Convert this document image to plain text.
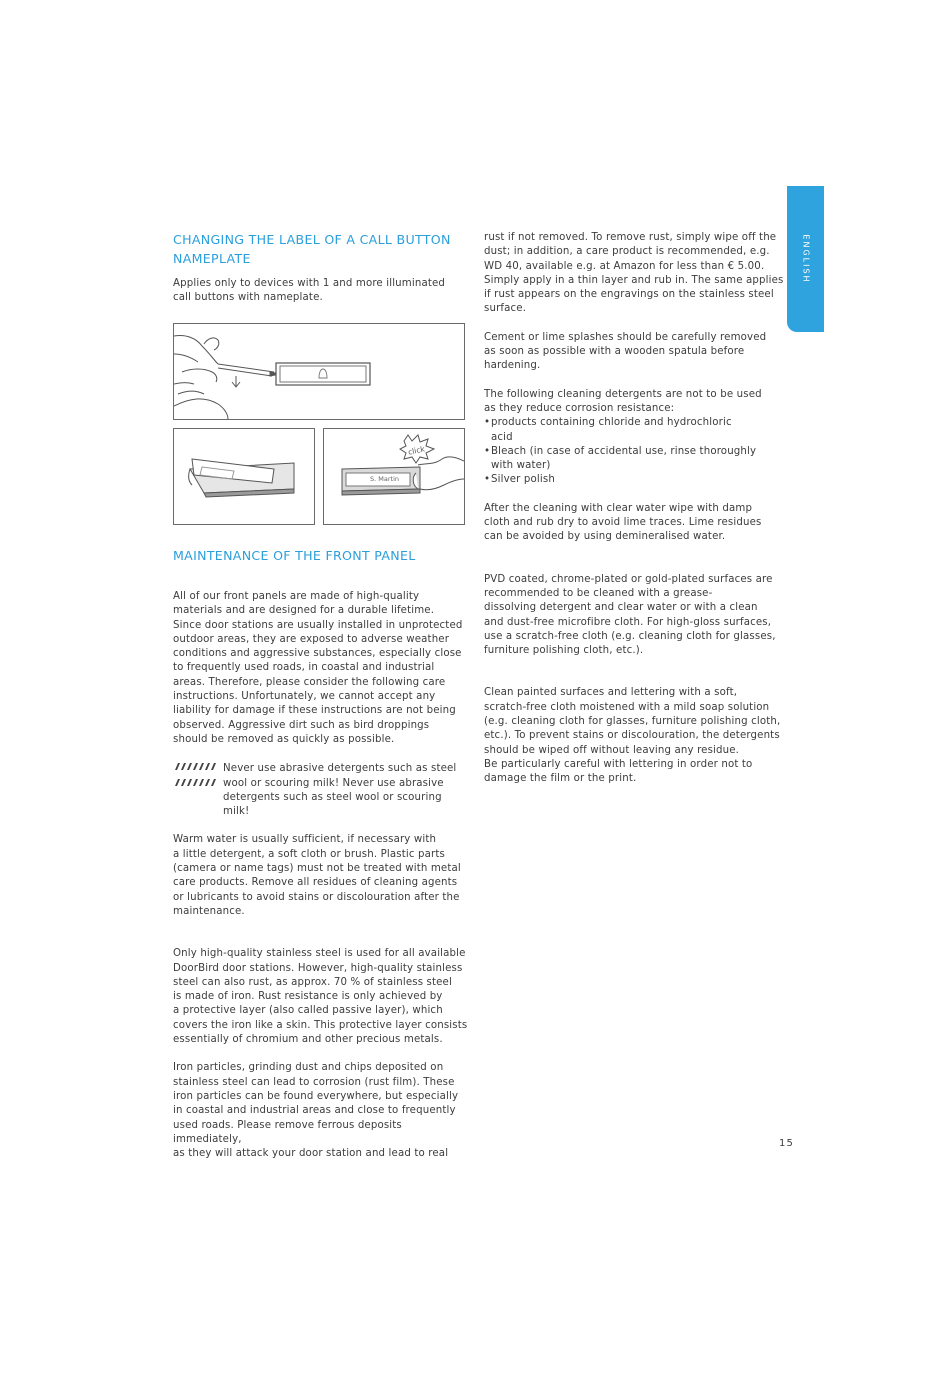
ENGLISH
CHANGING THE LABEL OF A CALL BUTTON
NAMEPLATE

Applies only to devices with 1 and more illuminated
call buttons with nameplate.

click
S. Martin
MAINTENANCE OF THE FRONT PANEL

All of our front panels are made of high-quality
materials and are designed for a durable lifetime.
Since door stations are usually installed in unprotected
outdoor areas, they are exposed to adverse weather
conditions and aggressive substances, especially close
to frequently used roads, in coastal and industrial
areas. Therefore, please consider the following care
instructions. Unfortunately, we cannot accept any
liability for damage if these instructions are not being
observed. Aggressive dirt such as bird droppings
should be removed as quickly as possible.

Never use abrasive detergents such as steel
wool or scouring milk! Never use abrasive
detergents such as steel wool or scouring milk!

Warm water is usually sufficient, if necessary with
a little detergent, a soft cloth or brush. Plastic parts
(camera or name tags) must not be treated with metal
care products. Remove all residues of cleaning agents
or lubricants to avoid stains or discolouration after the
maintenance.

Only high-quality stainless steel is used for all available
DoorBird door stations. However, high-quality stainless
steel can also rust, as approx. 70 % of stainless steel
is made of iron. Rust resistance is only achieved by
a protective layer (also called passive layer), which
covers the iron like a skin. This protective layer consists
essentially of chromium and other precious metals.

Iron particles, grinding dust and chips deposited on
stainless steel can lead to corrosion (rust film). These
iron particles can be found everywhere, but especially
in coastal and industrial areas and close to frequently
used roads. Please remove ferrous deposits immediately,
as they will attack your door station and lead to real

rust if not removed. To remove rust, simply wipe off the
dust; in addition, a care product is recommended, e.g.
WD 40, available e.g. at Amazon for less than € 5.00.
Simply apply in a thin layer and rub in. The same applies
if rust appears on the engravings on the stainless steel
surface.

Cement or lime splashes should be carefully removed
as soon as possible with a wooden spatula before
hardening.

The following cleaning detergents are not to be used
as they reduce corrosion resistance:

• products containing chloride and hydrochloric
acid

• Bleach (in case of accidental use, rinse thoroughly
with water)

• Silver polish

After the cleaning with clear water wipe with damp
cloth and rub dry to avoid lime traces. Lime residues
can be avoided by using demineralised water.

PVD coated, chrome-plated or gold-plated surfaces are
recommended to be cleaned with a grease-
dissolving detergent and clear water or with a clean
and dust-free microfibre cloth. For high-gloss surfaces,
use a scratch-free cloth (e.g. cleaning cloth for glasses,
furniture polishing cloth, etc.).

Clean painted surfaces and lettering with a soft,
scratch-free cloth moistened with a mild soap solution
(e.g. cleaning cloth for glasses, furniture polishing cloth,
etc.). To prevent stains or discolouration, the detergents
should be wiped off without leaving any residue.
Be particularly careful with lettering in order not to
damage the film or the print.

15
